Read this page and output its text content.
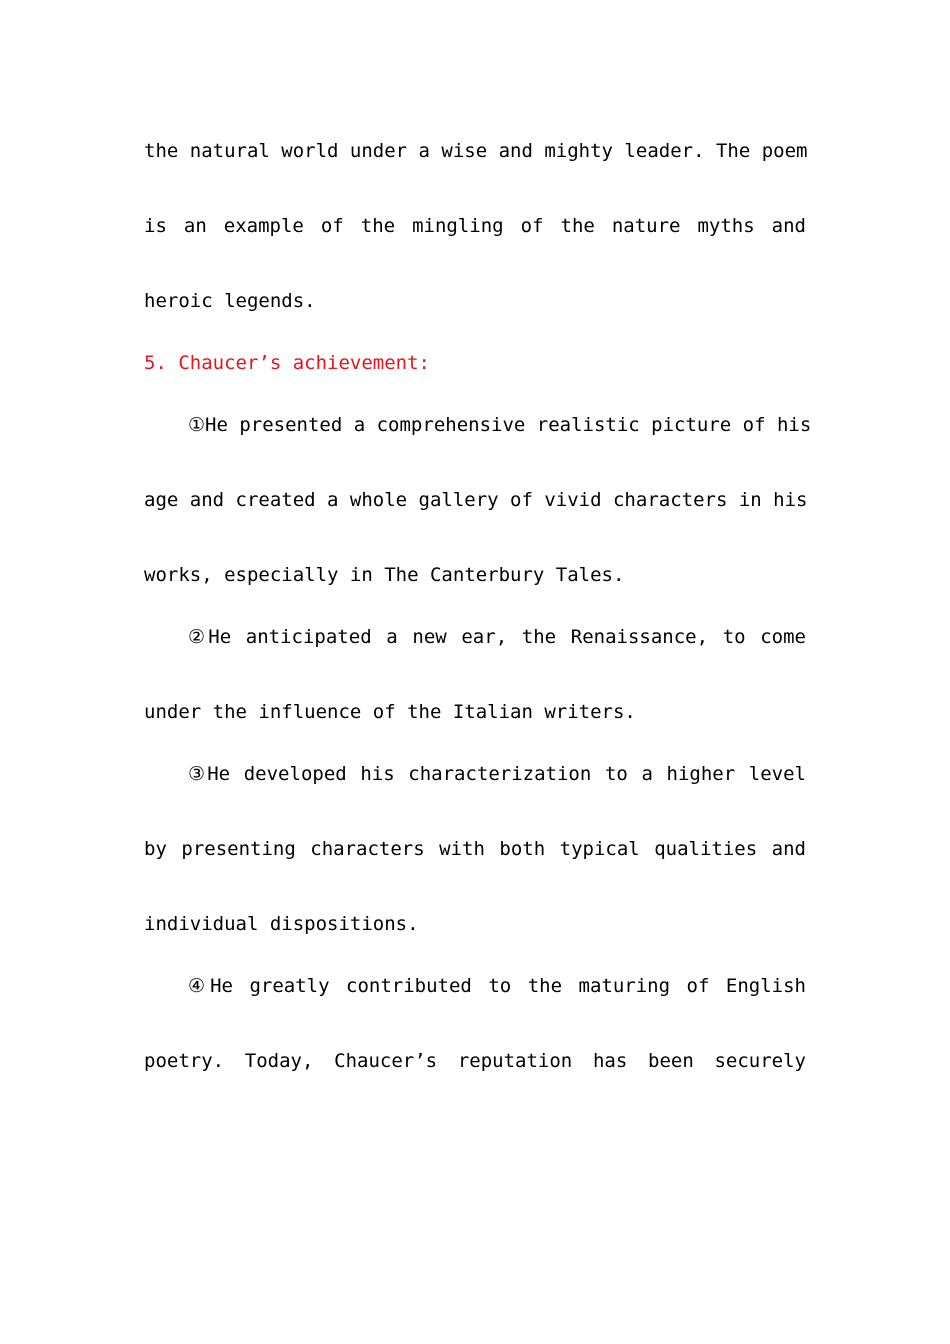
the natural world under a wise and mighty leader. The poem
is an example of the mingling of the nature myths and
heroic legends.
5. Chaucer’s achievement:
①He presented a comprehensive realistic picture of his
age and created a whole gallery of vivid characters in his
works, especially in The Canterbury Tales.
②He anticipated a new ear, the Renaissance, to come
under the influence of the Italian writers.
③He developed his characterization to a higher level
by presenting characters with both typical qualities and
individual dispositions.
④He greatly contributed to the maturing of English
poetry. Today, Chaucer’s reputation has been securely
